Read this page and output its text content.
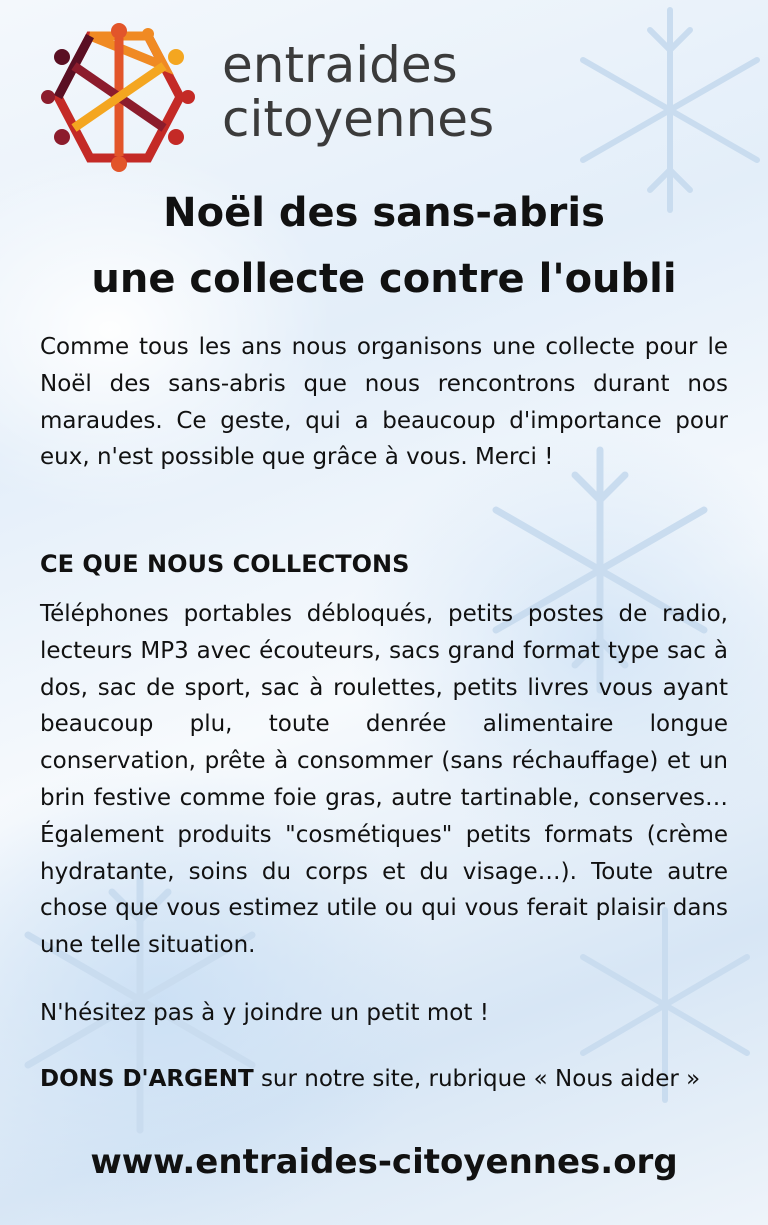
entraides
citoyennes
Noël des sans-abris
une collecte contre l'oubli
Comme tous les ans nous organisons une collecte pour le Noël des sans-abris que nous rencontrons durant nos maraudes. Ce geste, qui a beaucoup d'importance pour eux, n'est possible que grâce à vous. Merci !
CE QUE NOUS COLLECTONS
Téléphones portables débloqués, petits postes de radio, lecteurs MP3 avec écouteurs, sacs grand format type sac à dos, sac de sport, sac à roulettes, petits livres vous ayant beaucoup plu, toute denrée alimentaire longue conservation, prête à consommer (sans réchauffage) et un brin festive comme foie gras, autre tartinable, conserves… Également produits "cosmétiques" petits formats (crème hydratante, soins du corps et du visage…). Toute autre chose que vous estimez utile ou qui vous ferait plaisir dans une telle situation.
N'hésitez pas à y joindre un petit mot !
DONS D'ARGENT sur notre site, rubrique « Nous aider »
www.entraides-citoyennes.org
